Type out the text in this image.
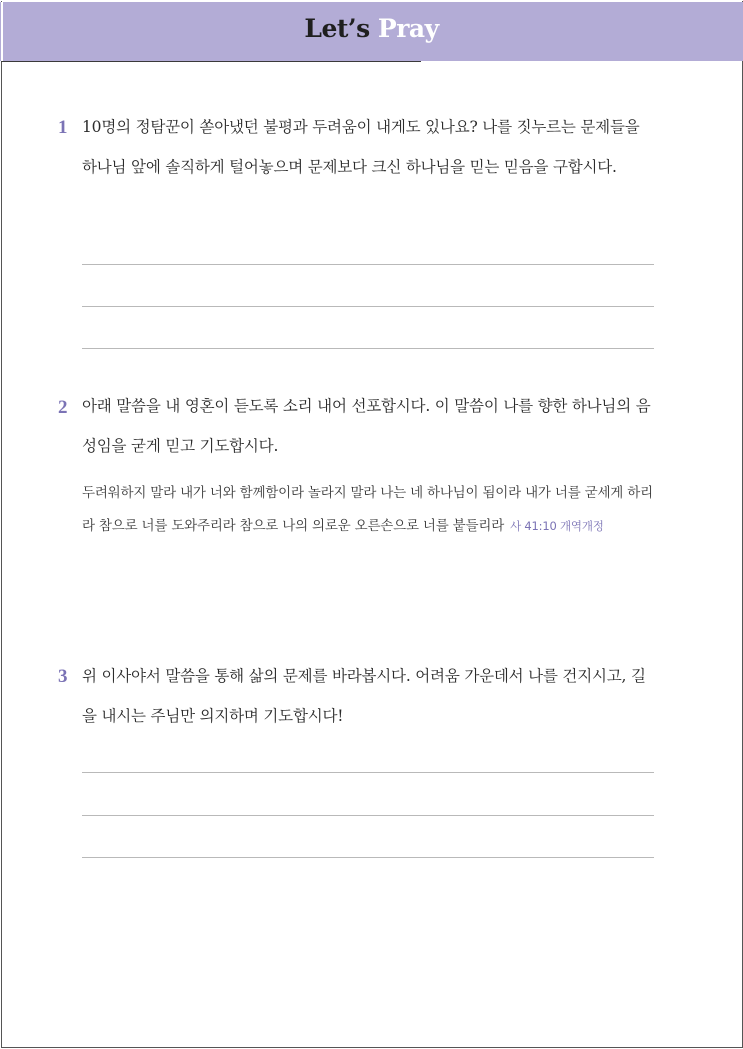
Let’s Pray
1 10명의 정탐꾼이 쏟아냈던 불평과 두려움이 내게도 있나요? 나를 짓누르는 문제들을 하나님 앞에 솔직하게 털어놓으며 문제보다 크신 하나님을 믿는 믿음을 구합시다.
2 아래 말씀을 내 영혼이 듣도록 소리 내어 선포합시다. 이 말씀이 나를 향한 하나님의 음성임을 굳게 믿고 기도합시다.
두려워하지 말라 내가 너와 함께함이라 놀라지 말라 나는 네 하나님이 됨이라 내가 너를 굳세게 하리라 참으로 너를 도와주리라 참으로 나의 의로운 오른손으로 너를 붙들리라 사 41:10 개역개정
3 위 이사야서 말씀을 통해 삶의 문제를 바라봅시다. 어려움 가운데서 나를 건지시고, 길을 내시는 주님만 의지하며 기도합시다!
